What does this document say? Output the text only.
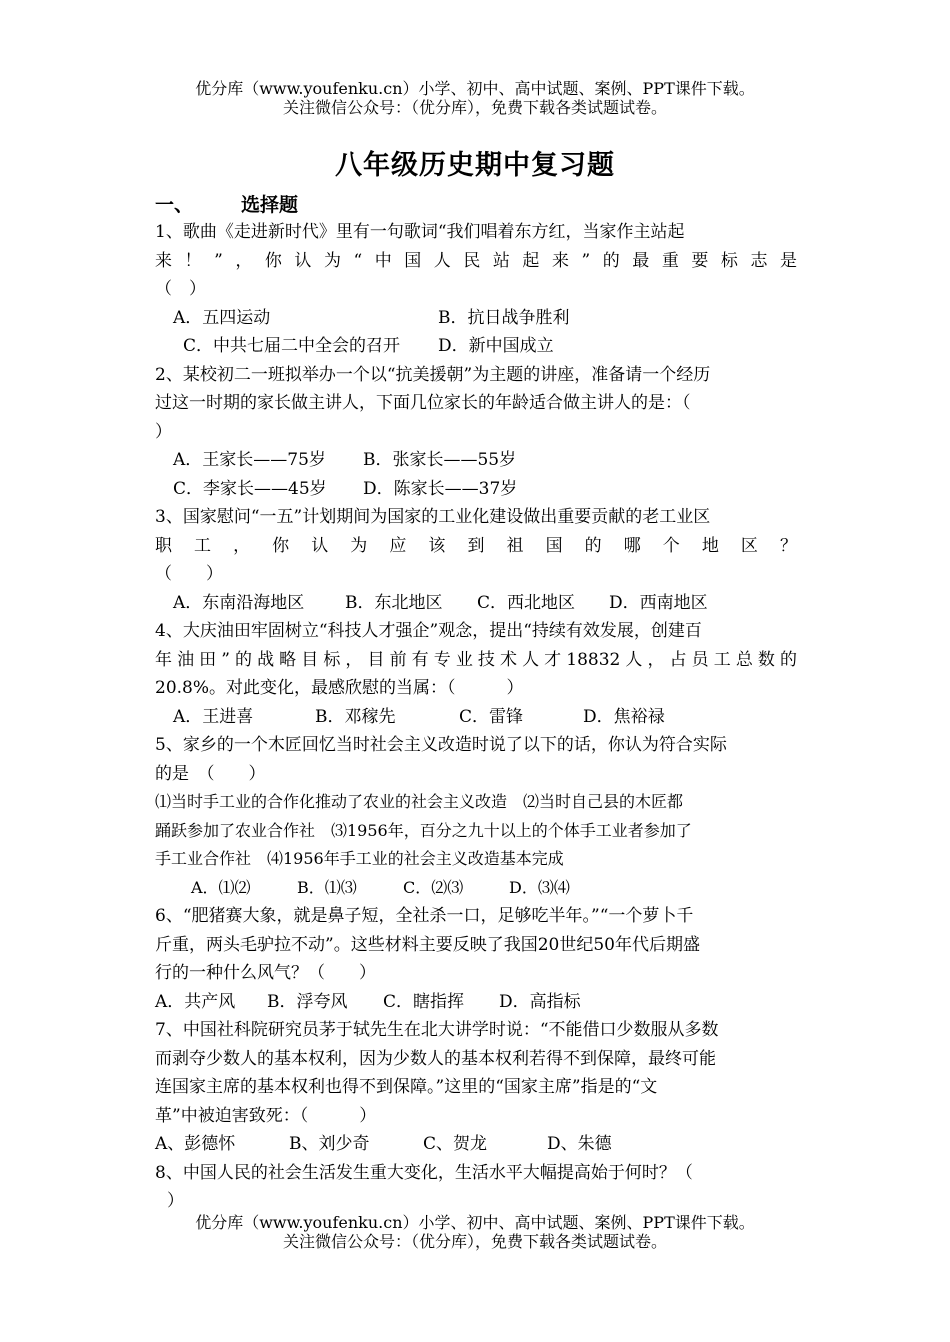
优分库（www.youfenku.cn）小学、初中、高中试题、案例、PPT课件下载。
关注微信公众号：（优分库），免费下载各类试题试卷。
八年级历史期中复习题
一、	选择题
1、歌曲《走进新时代》里有一句歌词“我们唱着东方红，当家作主站起
来！”，你认为“中国人民站起来”的最重要标志是
（　）
A．五四运动	B．抗日战争胜利
C．中共七届二中全会的召开 D．新中国成立
2、某校初二一班拟举办一个以“抗美援朝”为主题的讲座，准备请一个经历
过这一时期的家长做主讲人，下面几位家长的年龄适合做主讲人的是：（
）
A．王家长——75岁 B．张家长——55岁
C．李家长——45岁 D．陈家长——37岁
3、国家慰问“一五”计划期间为国家的工业化建设做出重要贡献的老工业区
职工，你认为应该到祖国的哪个地区？
（　　）
A．东南沿海地区 B．东北地区 C．西北地区 D．西南地区
4、大庆油田牢固树立“科技人才强企”观念，提出“持续有效发展，创建百
年油田”的战略目标，目前有专业技术人才18832人，占员工总数的
20.8%。对此变化，最感欣慰的当属：（　　　）
A．王进喜	B．邓稼先	C．雷锋	D．焦裕禄
5、家乡的一个木匠回忆当时社会主义改造时说了以下的话，你认为符合实际
的是　（　　）
⑴当时手工业的合作化推动了农业的社会主义改造　⑵当时自己县的木匠都
踊跃参加了农业合作社　⑶1956年，百分之九十以上的个体手工业者参加了
手工业合作社　⑷1956年手工业的社会主义改造基本完成
A．⑴⑵	B．⑴⑶	C．⑵⑶	D．⑶⑷
6、“肥猪赛大象，就是鼻子短，全社杀一口，足够吃半年。”“一个萝卜千
斤重，两头毛驴拉不动”。这些材料主要反映了我国20世纪50年代后期盛
行的一种什么风气？（　　）
A．共产风 B．浮夸风 C．瞎指挥 D．高指标
7、中国社科院研究员茅于轼先生在北大讲学时说：“不能借口少数服从多数
而剥夺少数人的基本权利，因为少数人的基本权利若得不到保障，最终可能
连国家主席的基本权利也得不到保障。”这里的“国家主席”指是的“文
革”中被迫害致死：（　　　）
A、彭德怀	B、刘少奇	C、贺龙	D、朱德
8、中国人民的社会生活发生重大变化，生活水平大幅提高始于何时？（
）
优分库（www.youfenku.cn）小学、初中、高中试题、案例、PPT课件下载。
关注微信公众号：（优分库），免费下载各类试题试卷。
